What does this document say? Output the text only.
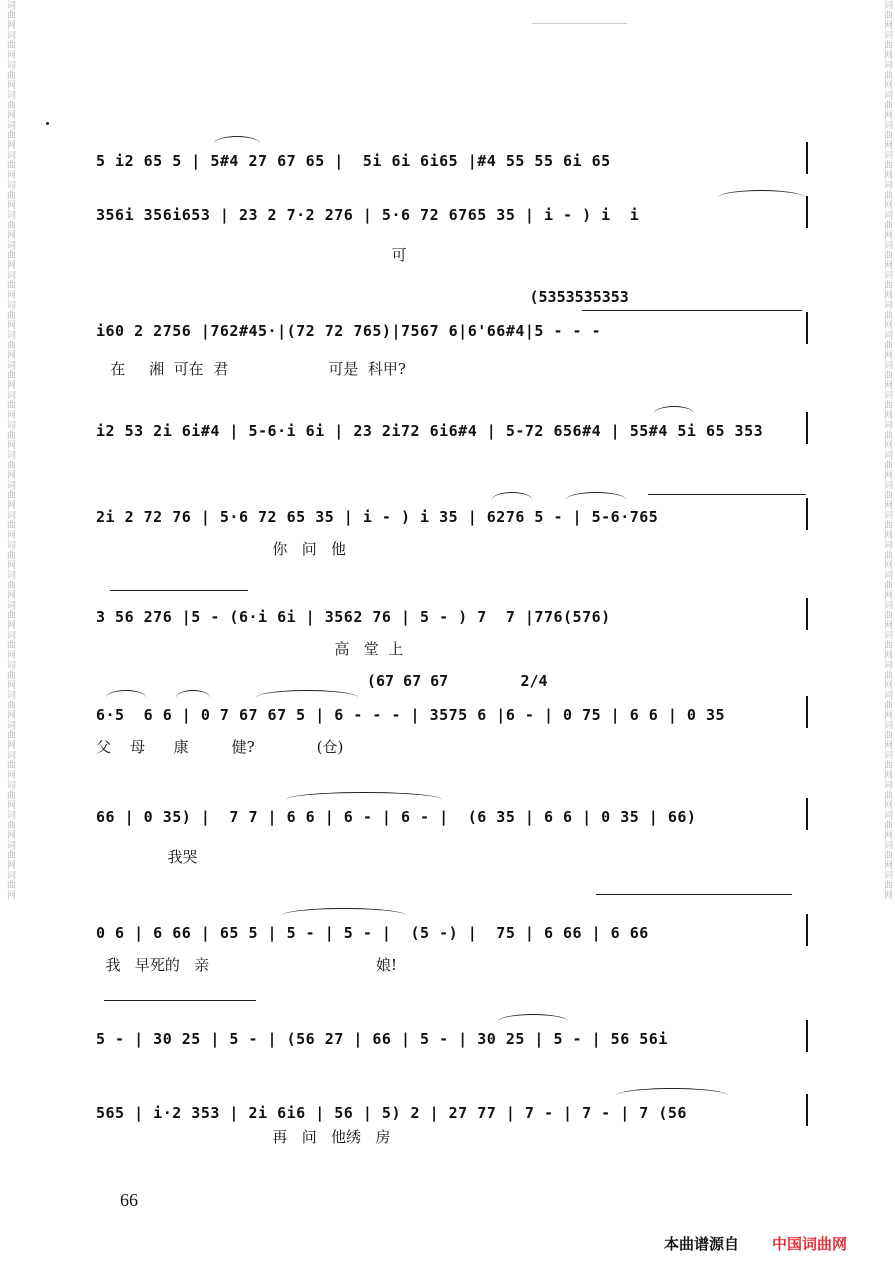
词曲网词曲网词曲网词曲网词曲网词曲网词曲网词曲网词曲网词曲网词曲网词曲网词曲网词曲网词曲网词曲网词曲网词曲网词曲网词曲网词曲网词曲网词曲网词曲网词曲网词曲网词曲网词曲网词曲网词曲网	词曲网词曲网词曲网词曲网词曲网词曲网词曲网词曲网词曲网词曲网词曲网词曲网词曲网词曲网词曲网词曲网词曲网词曲网词曲网词曲网词曲网词曲网词曲网词曲网词曲网词曲网词曲网词曲网词曲网词曲网
5 i2 65 5 | 5#4 27 67 65 |  5i 6i 6i65 |#4 55 55 6i 65
356i 356i653 | 23 2 7·2 276 | 5·6 72 6765 35 | i - ) i  i
可
(5353535353
i60 2 2756 |762#45·|(72 72 765)|7567 6|6'66#4|5 - - -
在     湘  可在  君                     可是  科甲?
i2 53 2i 6i#4 | 5-6·i 6i | 23 2i72 6i6#4 | 5-72 656#4 | 55#4 5i 65 353
2i 2 72 76 | 5·6 72 65 35 | i - ) i 35 | 6276 5 - | 5-6·765
你   问   他
3 56 276 |5 - (6·i 6i | 3562 76 | 5 - ) 7  7 |776(576)
高   堂  上
(67 67 67        2/4
6·5  6 6 | 0 7 67 67 5 | 6 - - - | 3575 6 |6 - | 0 75 | 6 6 | 0 35
父    母      康         健?             (仓)
66 | 0 35) |  7 7 | 6 6 | 6 - | 6 - |  (6 35 | 6 6 | 0 35 | 66)
我哭
0 6 | 6 66 | 65 5 | 5 - | 5 - |  (5 -) |  75 | 6 66 | 6 66
我   早死的   亲                                   娘!
5 - | 30 25 | 5 - | (56 27 | 66 | 5 - | 30 25 | 5 - | 56 56i
565 | i·2 353 | 2i 6i6 | 56 | 5) 2 | 27 77 | 7 - | 7 - | 7 (56
再   问   他绣   房
66
本曲谱源自 中国词曲网
